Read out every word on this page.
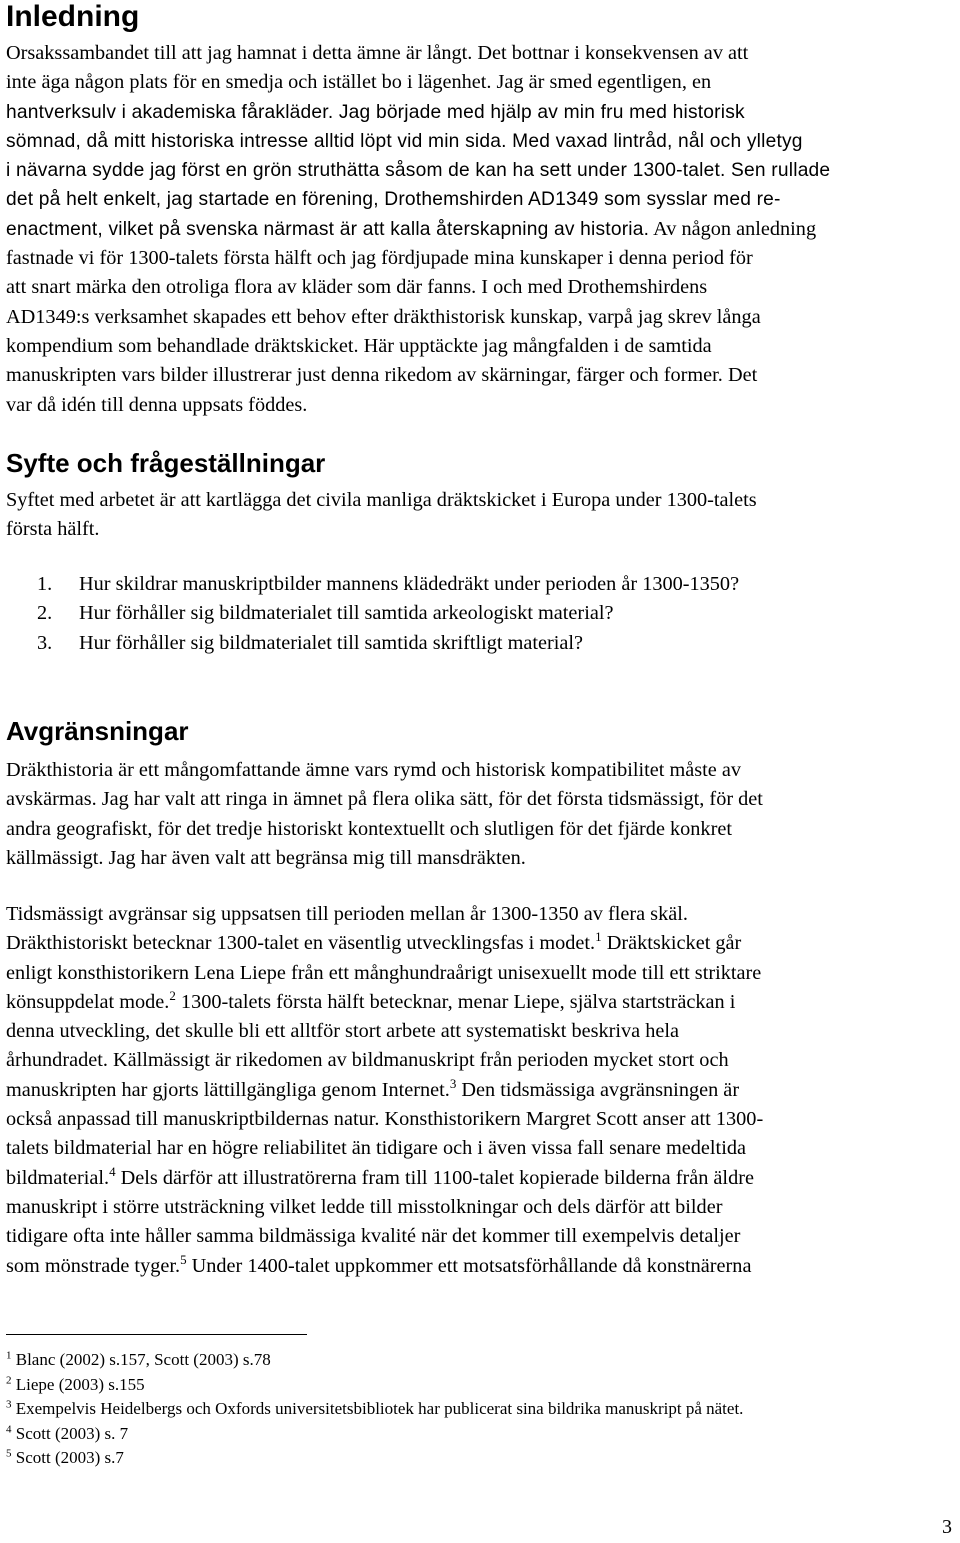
Inledning
Orsakssambandet till att jag hamnat i detta ämne är långt. Det bottnar i konsekvensen av att
inte äga någon plats för en smedja och istället bo i lägenhet. Jag är smed egentligen, en
hantverksulv i akademiska fårakläder. Jag började med hjälp av min fru med historisk
sömnad, då mitt historiska intresse alltid löpt vid min sida. Med vaxad lintråd, nål och ylletyg
i nävarna sydde jag först en grön struthätta såsom de kan ha sett under 1300-talet. Sen rullade
det på helt enkelt, jag startade en förening, Drothemshirden AD1349 som sysslar med re-
enactment, vilket på svenska närmast är att kalla återskapning av historia. Av någon anledning
fastnade vi för 1300-talets första hälft och jag fördjupade mina kunskaper i denna period för
att snart märka den otroliga flora av kläder som där fanns. I och med Drothemshirdens
AD1349:s verksamhet skapades ett behov efter dräkthistorisk kunskap, varpå jag skrev långa
kompendium som behandlade dräktskicket. Här upptäckte jag mångfalden i de samtida
manuskripten vars bilder illustrerar just denna rikedom av skärningar, färger och former. Det
var då idén till denna uppsats föddes.
Syfte och frågeställningar
Syftet med arbetet är att kartlägga det civila manliga dräktskicket i Europa under 1300-talets
första hälft.
1. Hur skildrar manuskriptbilder mannens klädedräkt under perioden år 1300-1350?
2. Hur förhåller sig bildmaterialet till samtida arkeologiskt material?
3. Hur förhåller sig bildmaterialet till samtida skriftligt material?
Avgränsningar
Dräkthistoria är ett mångomfattande ämne vars rymd och historisk kompatibilitet måste av
avskärmas. Jag har valt att ringa in ämnet på flera olika sätt, för det första tidsmässigt, för det
andra geografiskt, för det tredje historiskt kontextuellt och slutligen för det fjärde konkret
källmässigt. Jag har även valt att begränsa mig till mansdräkten.
Tidsmässigt avgränsar sig uppsatsen till perioden mellan år 1300-1350 av flera skäl.
Dräkthistoriskt betecknar 1300-talet en väsentlig utvecklingsfas i modet.$^1$ Dräktskicket går
enligt konsthistorikern Lena Liepe från ett månghundraårigt unisexuellt mode till ett striktare
könsuppdelat mode.$^2$ 1300-talets första hälft betecknar, menar Liepe, själva startsträckan i
denna utveckling, det skulle bli ett alltför stort arbete att systematiskt beskriva hela
århundradet. Källmässigt är rikedomen av bildmanuskript från perioden mycket stort och
manuskripten har gjorts lättillgängliga genom Internet.$^3$ Den tidsmässiga avgränsningen är
också anpassad till manuskriptbildernas natur. Konsthistorikern Margret Scott anser att 1300-
talets bildmaterial har en högre reliabilitet än tidigare och i även vissa fall senare medeltida
bildmaterial.$^4$ Dels därför att illustratörerna fram till 1100-talet kopierade bilderna från äldre
manuskript i större utsträckning vilket ledde till misstolkningar och dels därför att bilder
tidigare ofta inte håller samma bildmässiga kvalité när det kommer till exempelvis detaljer
som mönstrade tyger.$^5$ Under 1400-talet uppkommer ett motsatsförhållande då konstnärerna
$^1$ Blanc (2002) s.157, Scott (2003) s.78
$^2$ Liepe (2003) s.155
$^3$ Exempelvis Heidelbergs och Oxfords universitetsbibliotek har publicerat sina bildrika manuskript på nätet.
$^4$ Scott (2003) s. 7
$^5$ Scott (2003) s.7
3
